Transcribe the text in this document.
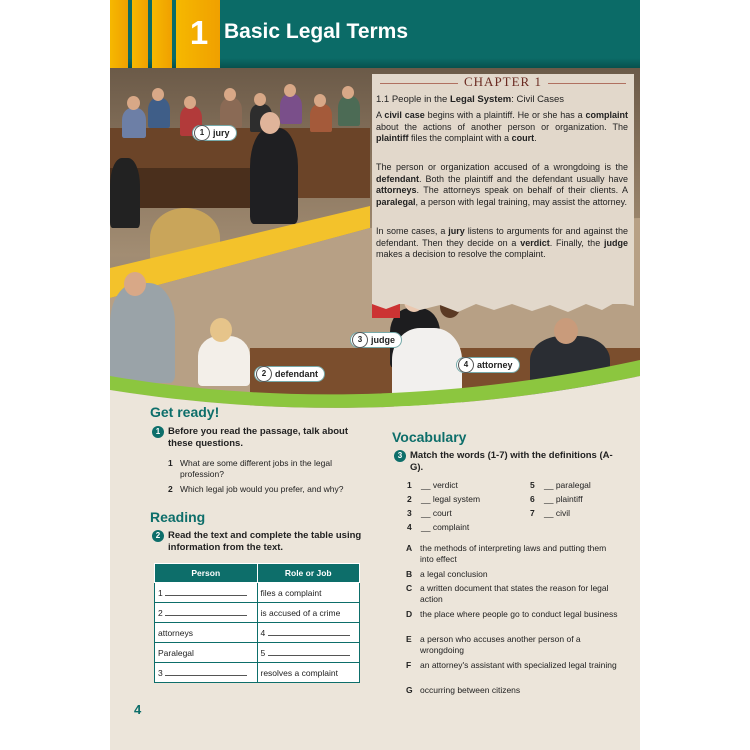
1 Basic Legal Terms
1 jury
3 judge
2 defendant
4 attorney
CHAPTER 1
1.1 People in the Legal System: Civil Cases
A civil case begins with a plaintiff. He or she has a complaint about the actions of another person or organization. The plaintiff files the complaint with a court.
The person or organization accused of a wrongdoing is the defendant. Both the plaintiff and the defendant usually have attorneys. The attorneys speak on behalf of their clients. A paralegal, a person with legal training, may assist the attorney.
In some cases, a jury listens to arguments for and against the defendant. Then they decide on a verdict. Finally, the judge makes a decision to resolve the complaint.
Get ready!
1 Before you read the passage, talk about these questions.
1 What are some different jobs in the legal profession?
2 Which legal job would you prefer, and why?
Reading
2 Read the text and complete the table using information from the text.
Person	Role or Job
1	files a complaint
2	is accused of a crime
attorneys	4
Paralegal	5
3	resolves a complaint
Vocabulary
3 Match the words (1-7) with the definitions (A-G).
1 __ verdict
2 __ legal system
3 __ court
4 __ complaint
5 __ paralegal
6 __ plaintiff
7 __ civil
A the methods of interpreting laws and putting them into effect
B a legal conclusion
C a written document that states the reason for legal action
D the place where people go to conduct legal business
E a person who accuses another person of a wrongdoing
F an attorney's assistant with specialized legal training
G occurring between citizens
4
